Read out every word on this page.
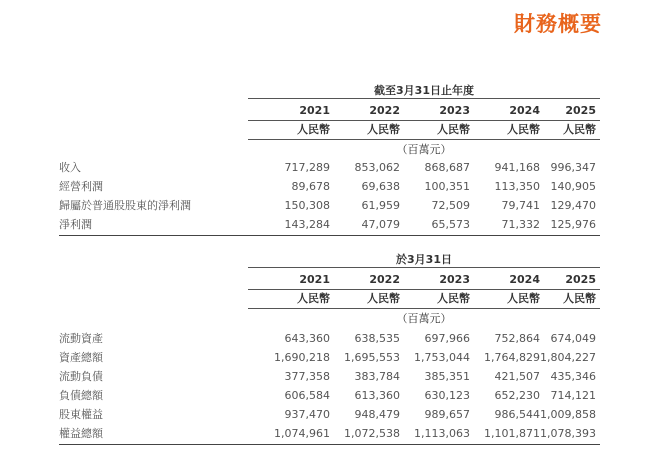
財務概要
截至3月31日止年度
2021	2022	2023	2024	2025
人民幣	人民幣	人民幣	人民幣	人民幣
（百萬元）
收入	717,289	853,062	868,687	941,168 996,347
經營利潤	89,678	69,638	100,351	113,350 140,905
歸屬於普通股股東的淨利潤	150,308	61,959	72,509	79,741 129,470
淨利潤	143,284	47,079	65,573	71,332 125,976
於3月31日
2021	2022	2023	2024	2025
人民幣	人民幣	人民幣	人民幣	人民幣
（百萬元）
流動資產	643,360	638,535	697,966	752,864 674,049
資產總額	1,690,218	1,695,553	1,753,044	1,764,829 1,804,227
流動負債	377,358	383,784	385,351	421,507 435,346
負債總額	606,584	613,360	630,123	652,230 714,121
股東權益	937,470	948,479	989,657	986,544 1,009,858
權益總額	1,074,961	1,072,538	1,113,063	1,101,871 1,078,393
